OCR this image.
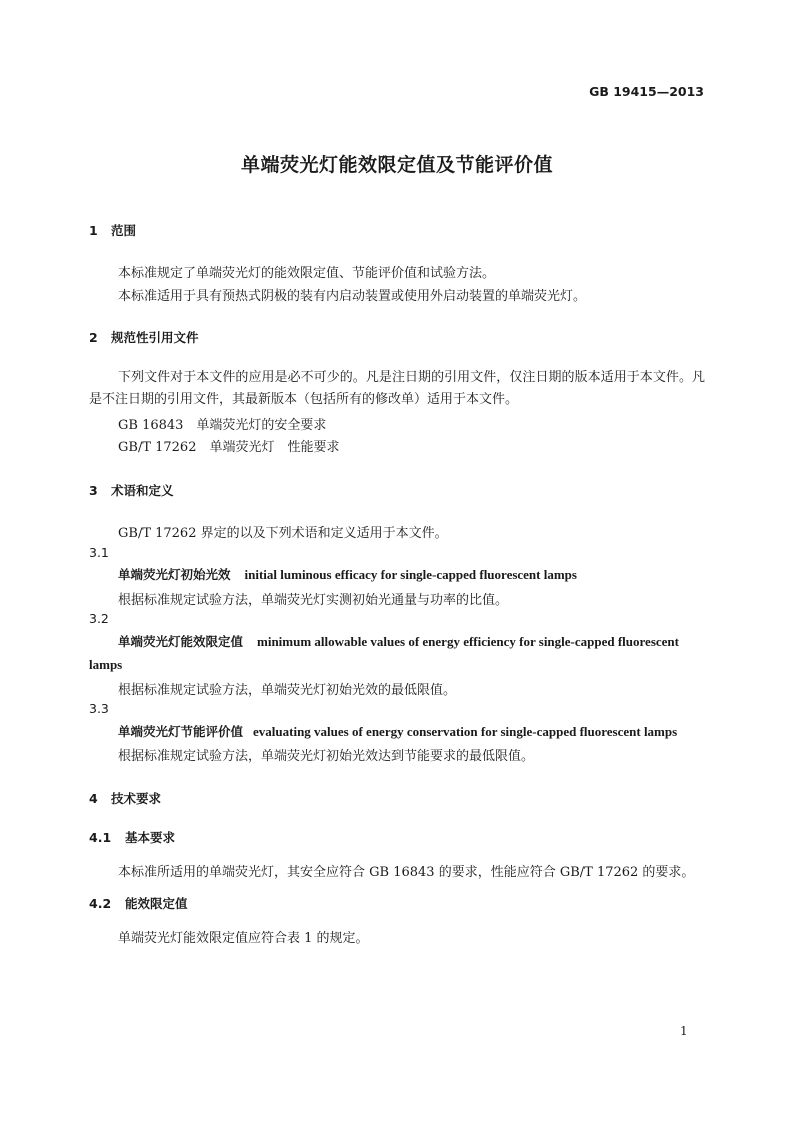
GB 19415—2013
单端荧光灯能效限定值及节能评价值
1 范围
本标准规定了单端荧光灯的能效限定值、节能评价值和试验方法。
本标准适用于具有预热式阴极的装有内启动装置或使用外启动装置的单端荧光灯。
2 规范性引用文件
下列文件对于本文件的应用是必不可少的。凡是注日期的引用文件，仅注日期的版本适用于本文件。凡是不注日期的引用文件，其最新版本（包括所有的修改单）适用于本文件。
GB 16843　单端荧光灯的安全要求
GB/T 17262　单端荧光灯　性能要求
3 术语和定义
GB/T 17262 界定的以及下列术语和定义适用于本文件。
3.1
单端荧光灯初始光效 initial luminous efficacy for single-capped fluorescent lamps
根据标准规定试验方法，单端荧光灯实测初始光通量与功率的比值。
3.2
单端荧光灯能效限定值 minimum allowable values of energy efficiency for single-capped fluorescent lamps
根据标准规定试验方法，单端荧光灯初始光效的最低限值。
3.3
单端荧光灯节能评价值 evaluating values of energy conservation for single-capped fluorescent lamps
根据标准规定试验方法，单端荧光灯初始光效达到节能要求的最低限值。
4 技术要求
4.1 基本要求
本标准所适用的单端荧光灯，其安全应符合 GB 16843 的要求，性能应符合 GB/T 17262 的要求。
4.2 能效限定值
单端荧光灯能效限定值应符合表 1 的规定。
1
